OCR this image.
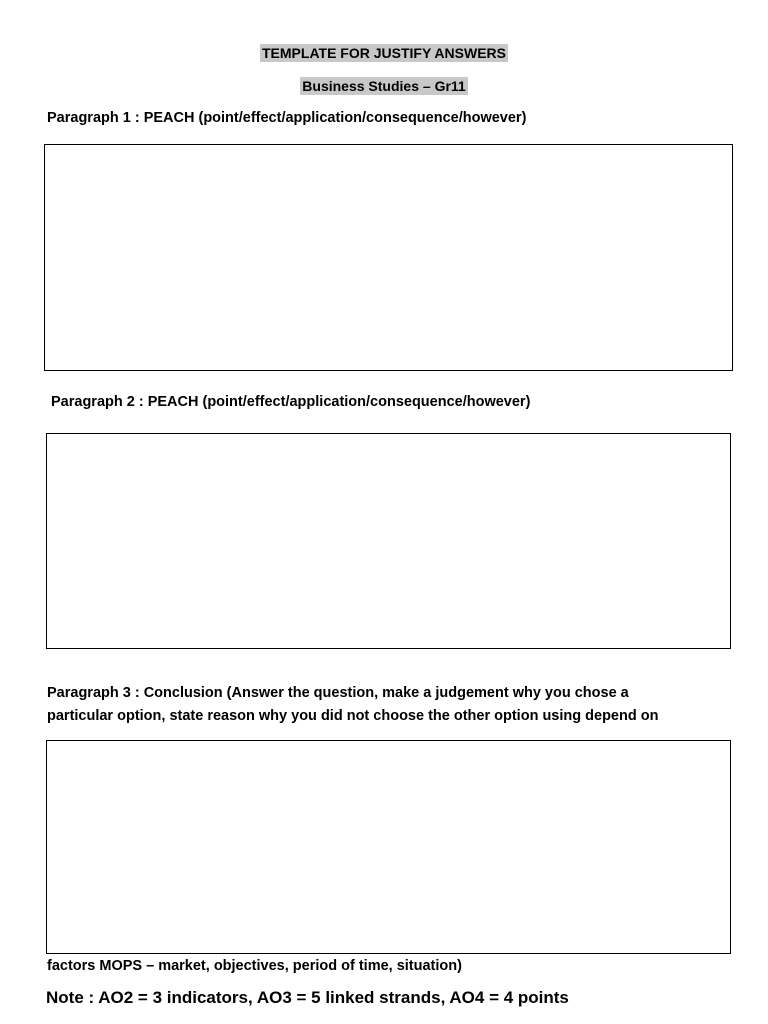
TEMPLATE FOR JUSTIFY ANSWERS
Business Studies – Gr11
Paragraph 1 : PEACH (point/effect/application/consequence/however)
Paragraph 2 : PEACH (point/effect/application/consequence/however)
Paragraph 3 : Conclusion (Answer the question, make a judgement why you chose a
particular option, state reason why you did not choose the other option using depend on
factors MOPS – market, objectives, period of time, situation)
Note : AO2 = 3 indicators, AO3 = 5 linked strands, AO4 = 4 points
